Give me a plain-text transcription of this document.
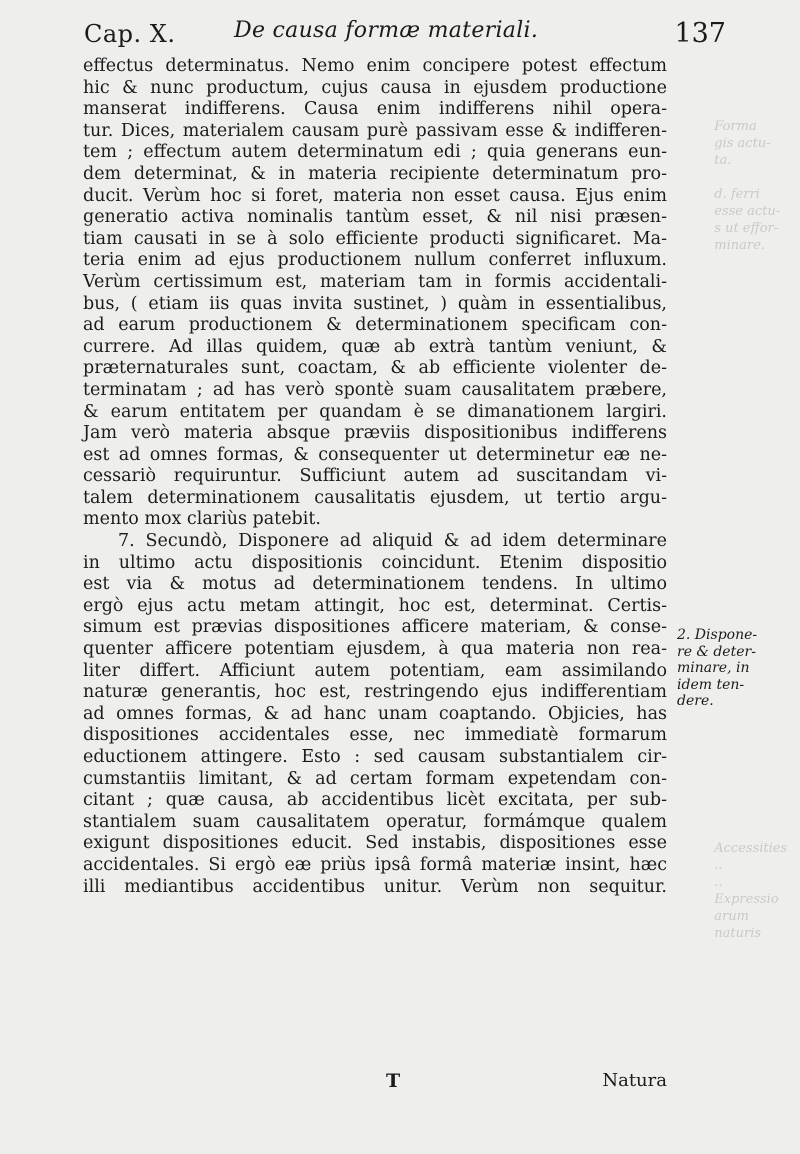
Forma
gis actu-
ta.

d. ferri
esse actu-
s ut effor-
minare.
Accessities
..
..
Expressio
arum
naturis
Cap. X.	De causa formæ materiali.	137
effectus determinatus. Nemo enim concipere potest effectum
hic & nunc productum, cujus causa in ejusdem productione
manserat indifferens. Causa enim indifferens nihil opera-
tur. Dices, materialem causam purè passivam esse & indifferen-
tem ; effectum autem determinatum edi ; quia generans eun-
dem determinat, & in materia recipiente determinatum pro-
ducit. Verùm hoc si foret, materia non esset causa. Ejus enim
generatio activa nominalis tantùm esset, & nil nisi præsen-
tiam causati in se à solo efficiente producti significaret. Ma-
teria enim ad ejus productionem nullum conferret influxum.
Verùm certissimum est, materiam tam in formis accidentali-
bus, ( etiam iis quas invita sustinet, ) quàm in essentialibus,
ad earum productionem & determinationem specificam con-
currere. Ad illas quidem, quæ ab extrà tantùm veniunt, &
præternaturales sunt, coactam, & ab efficiente violenter de-
terminatam ; ad has verò spontè suam causalitatem præbere,
& earum entitatem per quandam è se dimanationem largiri.
Jam verò materia absque præviis dispositionibus indifferens
est ad omnes formas, & consequenter ut determinetur eæ ne-
cessariò requiruntur. Sufficiunt autem ad suscitandam vi-
talem determinationem causalitatis ejusdem, ut tertio argu-
mento mox clariùs patebit.
7. Secundò, Disponere ad aliquid & ad idem determinare
in ultimo actu dispositionis coincidunt. Etenim dispositio
est via & motus ad determinationem tendens. In ultimo
ergò ejus actu metam attingit, hoc est, determinat. Certis-
simum est prævias dispositiones afficere materiam, & conse-
quenter afficere potentiam ejusdem, à qua materia non rea-
liter differt. Afficiunt autem potentiam, eam assimilando
naturæ generantis, hoc est, restringendo ejus indifferentiam
ad omnes formas, & ad hanc unam coaptando. Objicies, has
dispositiones accidentales esse, nec immediatè formarum
eductionem attingere. Esto : sed causam substantialem cir-
cumstantiis limitant, & ad certam formam expetendam con-
citant ; quæ causa, ab accidentibus licèt excitata, per sub-
stantialem suam causalitatem operatur, formámque qualem
exigunt dispositiones educit. Sed instabis, dispositiones esse
accidentales. Si ergò eæ priùs ipsâ formâ materiæ insint, hæc
illi mediantibus accidentibus unitur. Verùm non sequitur.
2. Dispone-
re & deter-
minare, in
idem ten-
dere.
T	Natura
